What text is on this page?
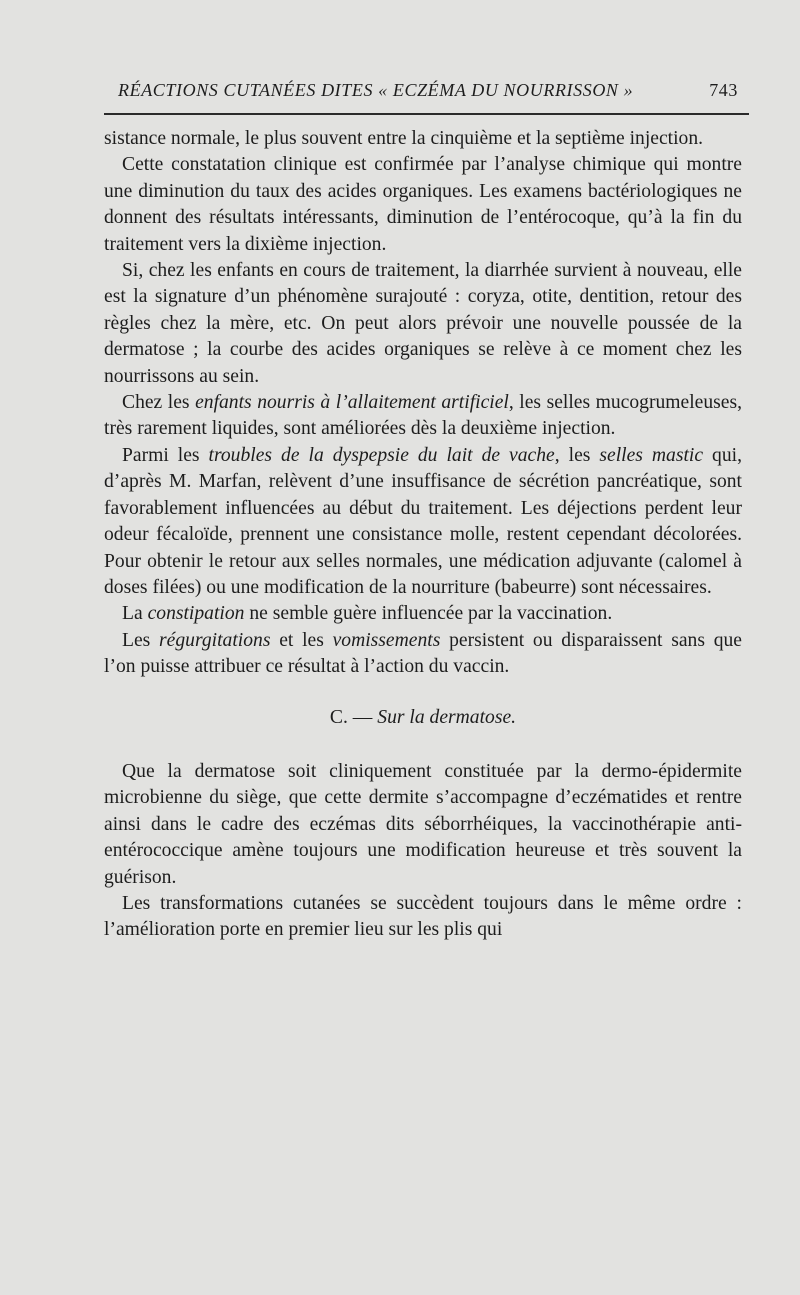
RÉACTIONS CUTANÉES DITES « ECZÉMA DU NOURRISSON »	743

sistance normale, le plus souvent entre la cinquième et la septième injection.

Cette constatation clinique est confirmée par l’analyse chimique qui montre une diminution du taux des acides organiques. Les examens bactériologiques ne donnent des résultats intéressants, diminution de l’entérocoque, qu’à la fin du traitement vers la dixième injection.

Si, chez les enfants en cours de traitement, la diarrhée survient à nouveau, elle est la signature d’un phénomène surajouté : coryza, otite, dentition, retour des règles chez la mère, etc. On peut alors prévoir une nouvelle poussée de la dermatose ; la courbe des acides organiques se relève à ce moment chez les nourrissons au sein.

Chez les enfants nourris à l’allaitement artificiel, les selles mucogrumeleuses, très rarement liquides, sont améliorées dès la deuxième injection.

Parmi les troubles de la dyspepsie du lait de vache, les selles mastic qui, d’après M. Marfan, relèvent d’une insuffisance de sécrétion pancréatique, sont favorablement influencées au début du traitement. Les déjections perdent leur odeur fécaloïde, prennent une consistance molle, restent cependant décolorées. Pour obtenir le retour aux selles normales, une médication adjuvante (calomel à doses filées) ou une modification de la nourriture (babeurre) sont nécessaires.

La constipation ne semble guère influencée par la vaccination.

Les régurgitations et les vomissements persistent ou disparaissent sans que l’on puisse attribuer ce résultat à l’action du vaccin.

C. — Sur la dermatose.

Que la dermatose soit cliniquement constituée par la dermo-épidermite microbienne du siège, que cette dermite s’accompagne d’eczématides et rentre ainsi dans le cadre des eczémas dits séborrhéiques, la vaccinothérapie anti-entérococcique amène toujours une modification heureuse et très souvent la guérison.

Les transformations cutanées se succèdent toujours dans le même ordre : l’amélioration porte en premier lieu sur les plis qui
